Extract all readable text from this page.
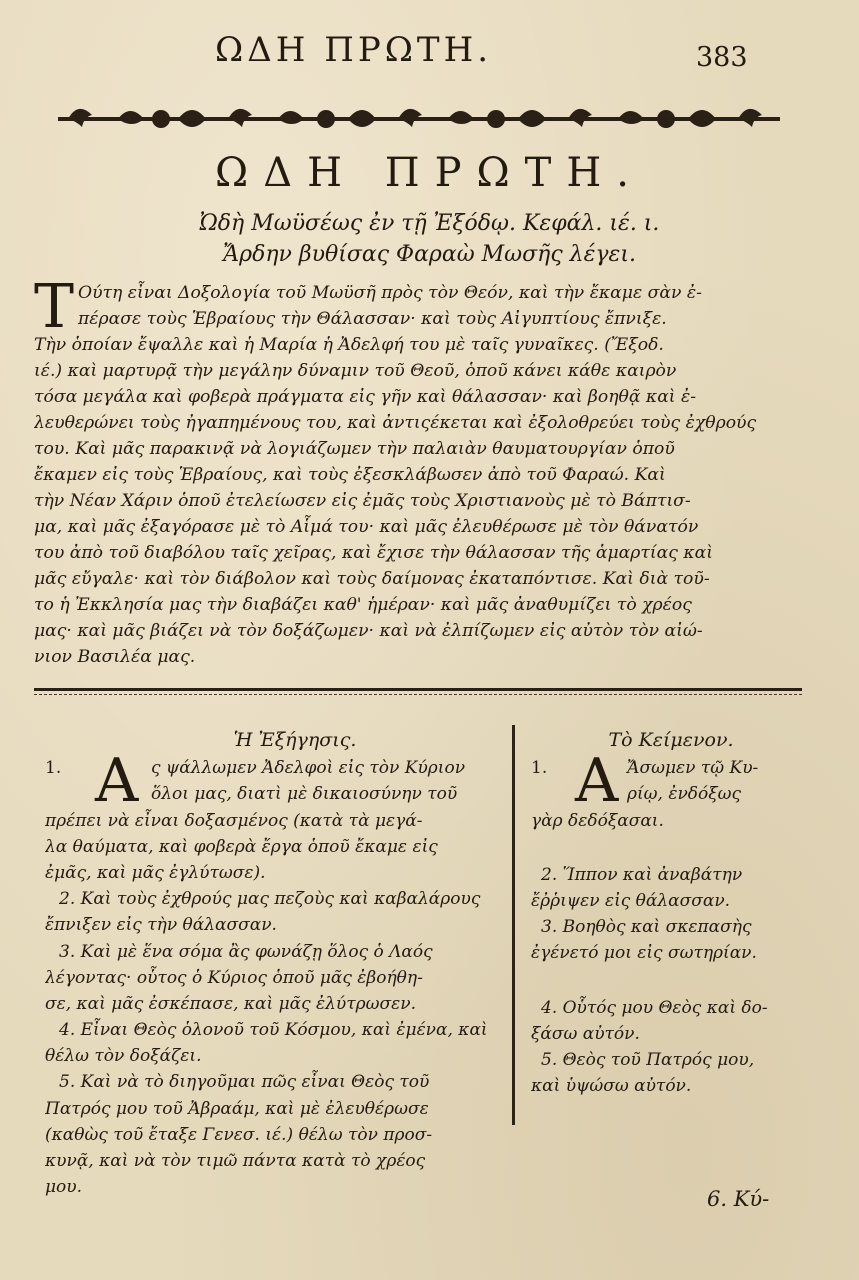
ΩΔΗ ΠΡΩΤΗ.	383
ΩΔΗ ΠΡΩΤΗ.
Ὠδὴ Μωϋσέως ἐν τῇ Ἐξόδῳ. Κεφάλ. ιέ. ι.
Ἄρδην βυθίσας Φαραὼ Μωσῆς λέγει.
T Ούτη εἶναι Δοξολογία τοῦ Μωϋσῆ πρὸς τὸν Θεόν, καὶ τὴν ἔκαμε σὰν ἐ-
πέρασε τοὺς Ἑβραίους τὴν Θάλασσαν· καὶ τοὺς Αἰγυπτίους ἔπνιξε.
Τὴν ὁποίαν ἔψαλλε καὶ ἡ Μαρία ἡ Ἀδελφή του μὲ ταῖς γυναῖκες. (Ἔξοδ.
ιέ.) καὶ μαρτυρᾷ τὴν μεγάλην δύναμιν τοῦ Θεοῦ, ὁποῦ κάνει κάθε καιρὸν
τόσα μεγάλα καὶ φοβερὰ πράγματα εἰς γῆν καὶ θάλασσαν· καὶ βοηθᾷ καὶ ἐ-
λευθερώνει τοὺς ἠγαπημένους του, καὶ ἀντιςέκεται καὶ ἐξολοθρεύει τοὺς ἐχθρούς
του. Καὶ μᾶς παρακινᾷ νὰ λογιάζωμεν τὴν παλαιὰν θαυματουργίαν ὁποῦ
ἔκαμεν εἰς τοὺς Ἑβραίους, καὶ τοὺς ἐξεσκλάβωσεν ἀπὸ τοῦ Φαραώ. Καὶ
τὴν Νέαν Χάριν ὁποῦ ἐτελείωσεν εἰς ἐμᾶς τοὺς Χριστιανοὺς μὲ τὸ Βάπτισ-
μα, καὶ μᾶς ἐξαγόρασε μὲ τὸ Αἷμά του· καὶ μᾶς ἐλευθέρωσε μὲ τὸν θάνατόν
του ἀπὸ τοῦ διαβόλου ταῖς χεῖρας, καὶ ἔχισε τὴν θάλασσαν τῆς ἁμαρτίας καὶ
μᾶς εὔγαλε· καὶ τὸν διάβολον καὶ τοὺς δαίμονας ἐκαταπόντισε. Καὶ διὰ τοῦ-
το ἡ Ἐκκλησία μας τὴν διαβάζει καθ' ἡμέραν· καὶ μᾶς ἀναθυμίζει τὸ χρέος
μας· καὶ μᾶς βιάζει νὰ τὸν δοξάζωμεν· καὶ νὰ ἐλπίζωμεν εἰς αὐτὸν τὸν αἰώ-
νιον Βασιλέα μας.
Ἡ Ἐξήγησις.
Α
1.	ς ψάλλωμεν Ἀδελφοὶ εἰς τὸν Κύριον
ὅλοι μας, διατὶ μὲ δικαιοσύνην τοῦ
πρέπει νὰ εἶναι δοξασμένος (κατὰ τὰ μεγά-
λα θαύματα, καὶ φοβερὰ ἔργα ὁποῦ ἔκαμε εἰς
ἐμᾶς, καὶ μᾶς ἐγλύτωσε).
2. Καὶ τοὺς ἐχθρούς μας πεζοὺς καὶ καβαλάρους
ἔπνιξεν εἰς τὴν θάλασσαν.
3. Καὶ μὲ ἕνα σόμα ἂς φωνάζῃ ὅλος ὁ Λαός
λέγοντας· οὗτος ὁ Κύριος ὁποῦ μᾶς ἐβοήθη-
σε, καὶ μᾶς ἐσκέπασε, καὶ μᾶς ἐλύτρωσεν.
4. Εἶναι Θεὸς ὁλονοῦ τοῦ Κόσμου, καὶ ἐμένα, καὶ
θέλω τὸν δοξάζει.
5. Καὶ νὰ τὸ διηγοῦμαι πῶς εἶναι Θεὸς τοῦ
Πατρός μου τοῦ Ἀβραάμ, καὶ μὲ ἐλευθέρωσε
(καθὼς τοῦ ἔταξε Γενεσ. ιέ.) θέλω τὸν προσ-
κυνᾷ, καὶ νὰ τὸν τιμῶ πάντα κατὰ τὸ χρέος
μου.
Τὸ Κείμενον.
Α
1.	Ἄσωμεν τῷ Κυ-
ρίῳ, ἐνδόξως
γὰρ δεδόξασαι.
2. Ἵππον καὶ ἀναβάτην
ἔῤῥιψεν εἰς θάλασσαν.
3. Βοηθὸς καὶ σκεπασὴς
ἐγένετό μοι εἰς σωτηρίαν.
4. Οὗτός μου Θεὸς καὶ δο-
ξάσω αὐτόν.
5. Θεὸς τοῦ Πατρός μου,
καὶ ὑψώσω αὐτόν.
6. Κύ-
